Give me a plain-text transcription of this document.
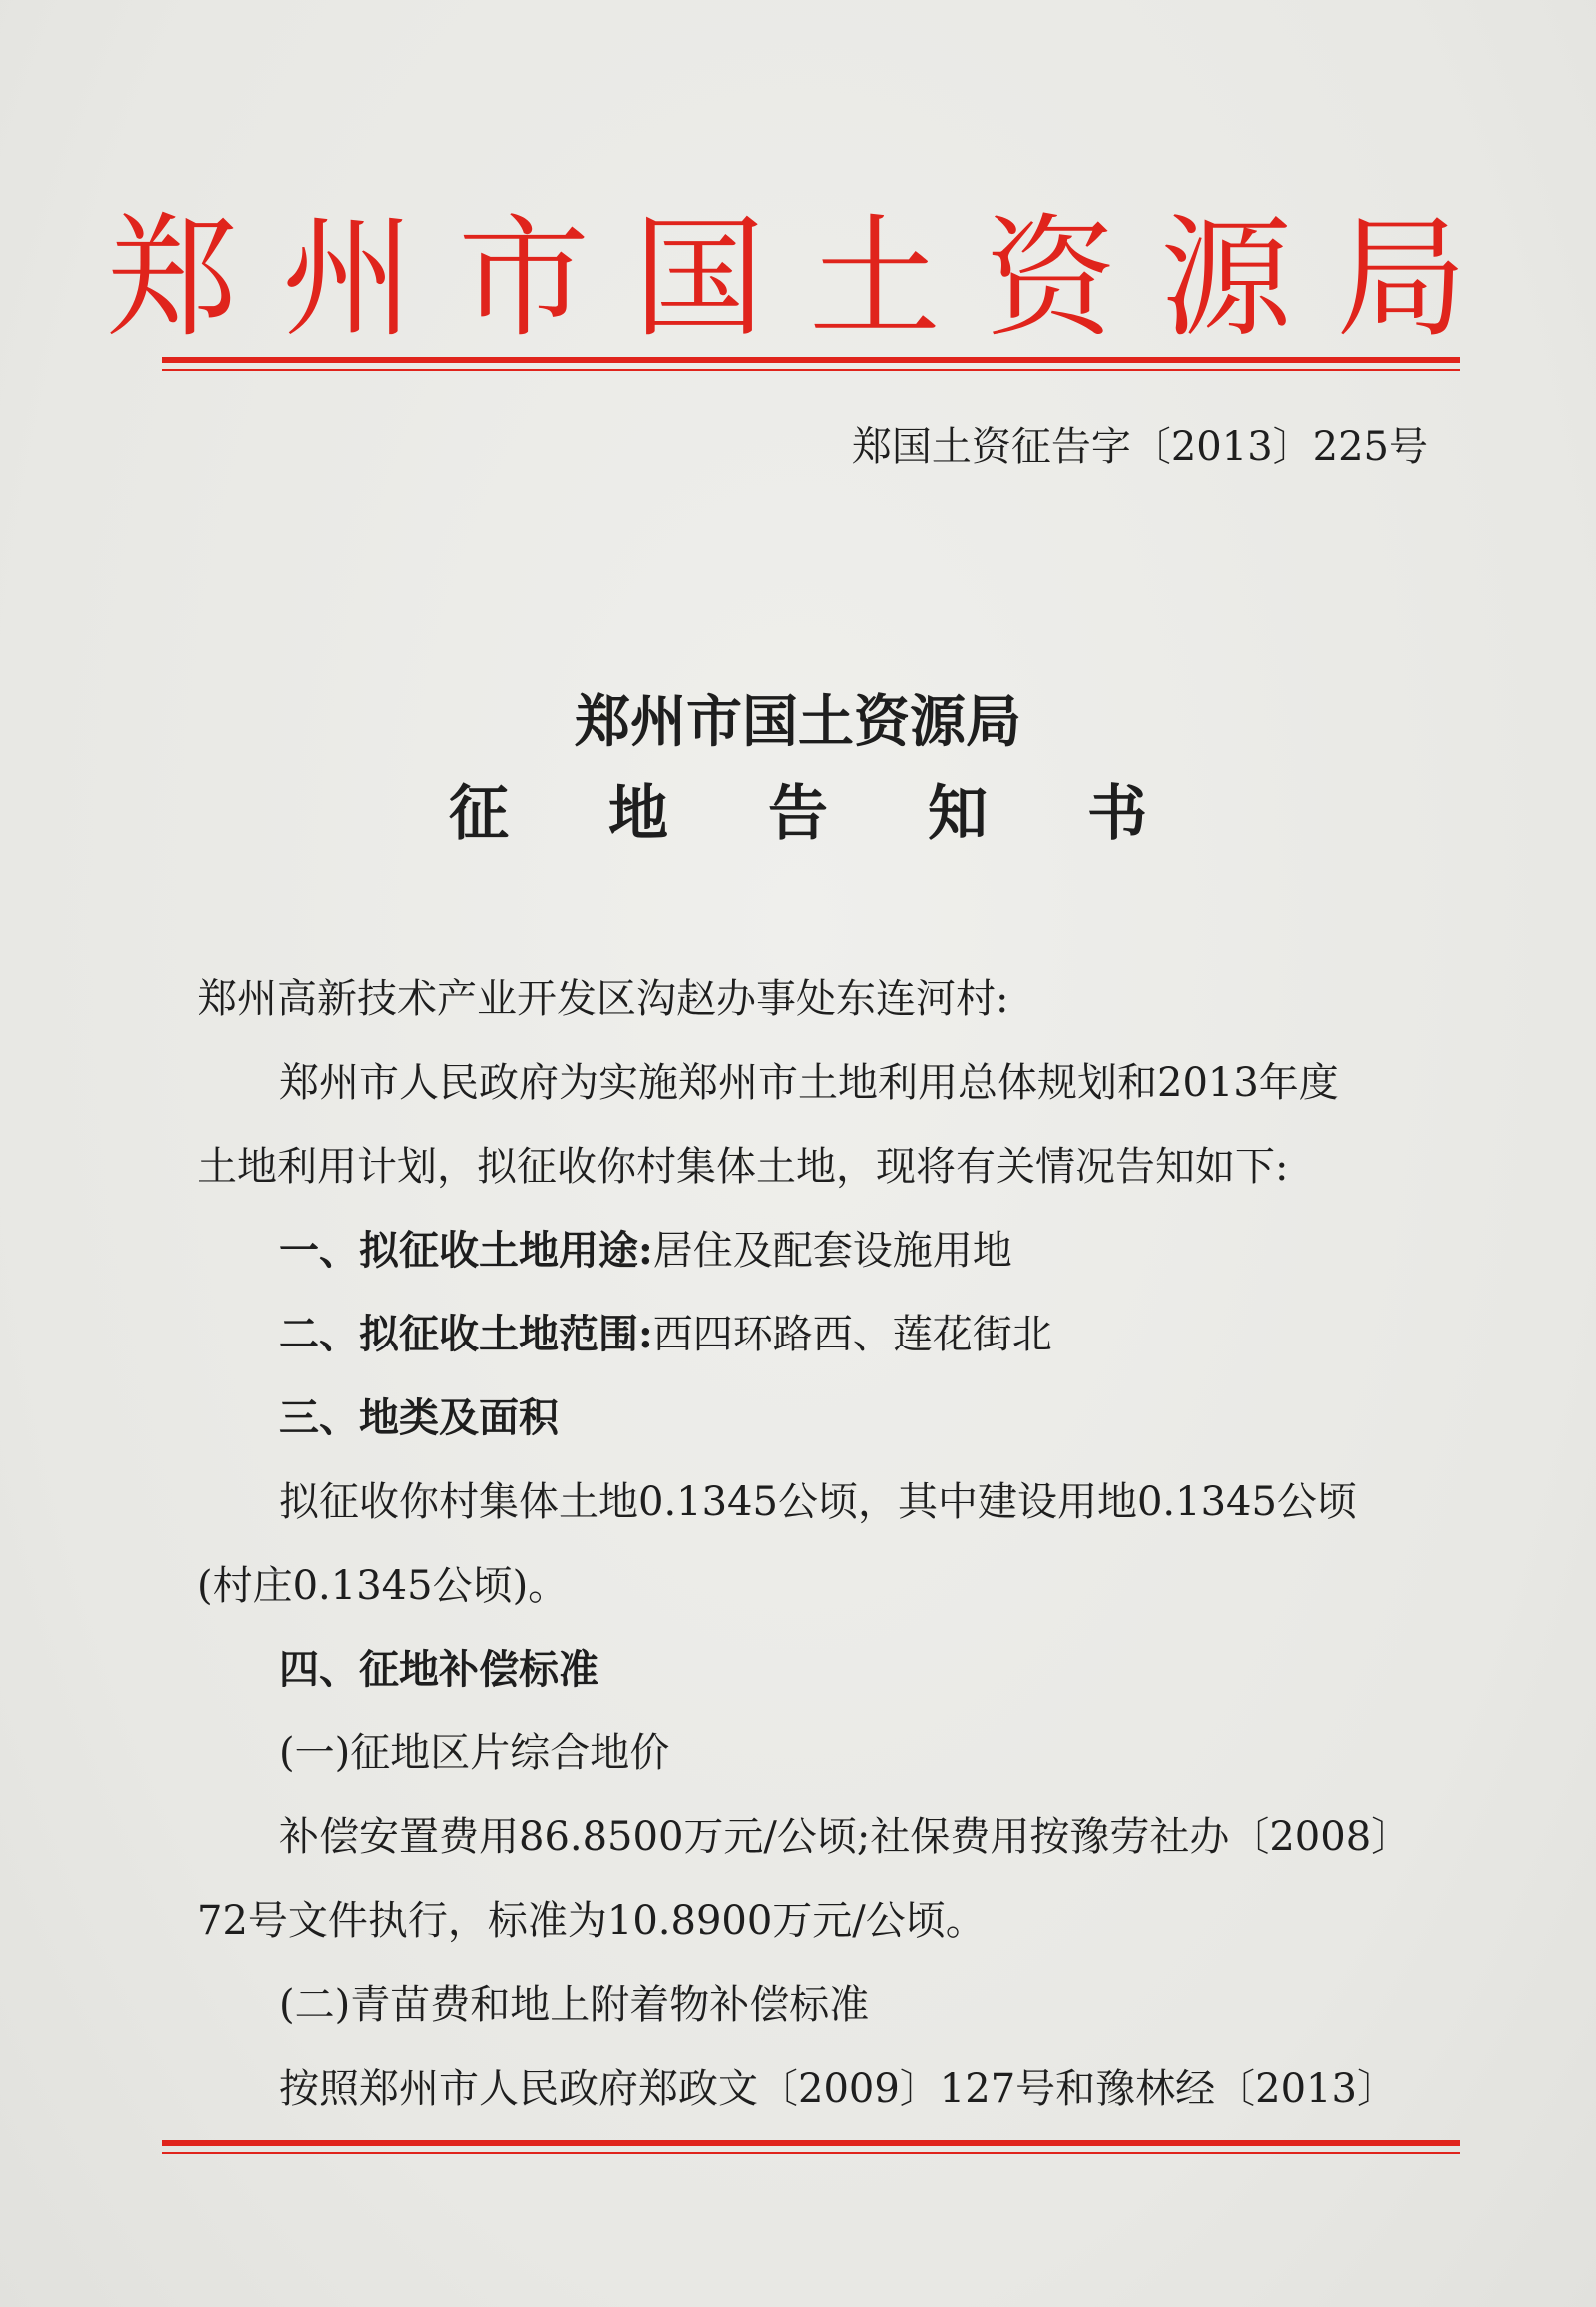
郑州市国土资源局
郑国土资征告字〔2013〕225号
郑州市国土资源局
征地告知书

郑州高新技术产业开发区沟赵办事处东连河村:

郑州市人民政府为实施郑州市土地利用总体规划和2013年度

土地利用计划，拟征收你村集体土地，现将有关情况告知如下:

一、拟征收土地用途:居住及配套设施用地

二、拟征收土地范围:西四环路西、莲花街北

三、地类及面积

拟征收你村集体土地0.1345公顷，其中建设用地0.1345公顷

(村庄0.1345公顷)。

四、征地补偿标准

(一)征地区片综合地价

补偿安置费用86.8500万元/公顷;社保费用按豫劳社办〔2008〕

72号文件执行，标准为10.8900万元/公顷。

(二)青苗费和地上附着物补偿标准

按照郑州市人民政府郑政文〔2009〕127号和豫林经〔2013〕
